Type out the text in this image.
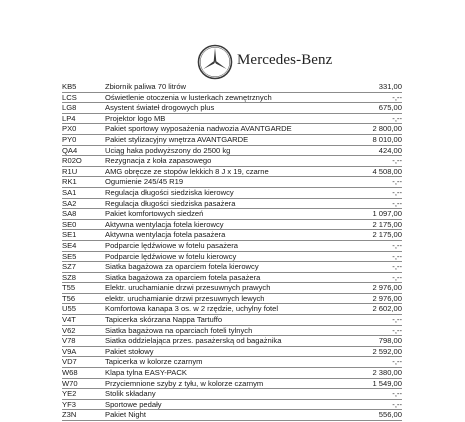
Mercedes-Benz
KB5	Zbiornik paliwa 70 litrów	331,00
LCS	Oświetlenie otoczenia w lusterkach zewnętrznych	-,--
LG8	Asystent świateł drogowych plus	675,00
LP4	Projektor logo MB	-,--
PX0	Pakiet sportowy wyposażenia nadwozia AVANTGARDE	2 800,00
PY0	Pakiet stylizacyjny wnętrza AVANTGARDE	8 010,00
QA4	Uciąg haka podwyższony do 2500 kg	424,00
R02O	Rezygnacja z koła zapasowego	-,--
R1U	AMG obręcze ze stopów lekkich 8 J x 19, czarne	4 508,00
RK1	Ogumienie 245/45 R19	-,--
SA1	Regulacja długości siedziska kierowcy	-,--
SA2	Regulacja długości siedziska pasażera	-,--
SA8	Pakiet komfortowych siedzeń	1 097,00
SE0	Aktywna wentylacja fotela kierowcy	2 175,00
SE1	Aktywna wentylacja fotela pasażera	2 175,00
SE4	Podparcie lędźwiowe w fotelu pasażera	-,--
SE5	Podparcie lędźwiowe w fotelu kierowcy	-,--
SZ7	Siatka bagażowa za oparciem fotela kierowcy	-,--
SZ8	Siatka bagażowa za oparciem fotela pasażera	-,--
T55	Elektr. uruchamianie drzwi przesuwnych prawych	2 976,00
T56	elektr. uruchamianie drzwi przesuwnych lewych	2 976,00
U55	Komfortowa kanapa 3 os. w 2 rzędzie, uchylny fotel	2 602,00
V4T	Tapicerka skórzana Nappa Tartuffo	-,--
V62	Siatka bagażowa na oparciach foteli tylnych	-,--
V78	Siatka oddzielająca przes. pasażerską od bagażnika	798,00
V9A	Pakiet stołowy	2 592,00
VD7	Tapicerka w kolorze czarnym	-,--
W68	Klapa tylna EASY-PACK	2 380,00
W70	Przyciemnione szyby z tyłu, w kolorze czarnym	1 549,00
YE2	Stolik składany	-,--
YF3	Sportowe pedały	-,--
Z3N	Pakiet Night	556,00
